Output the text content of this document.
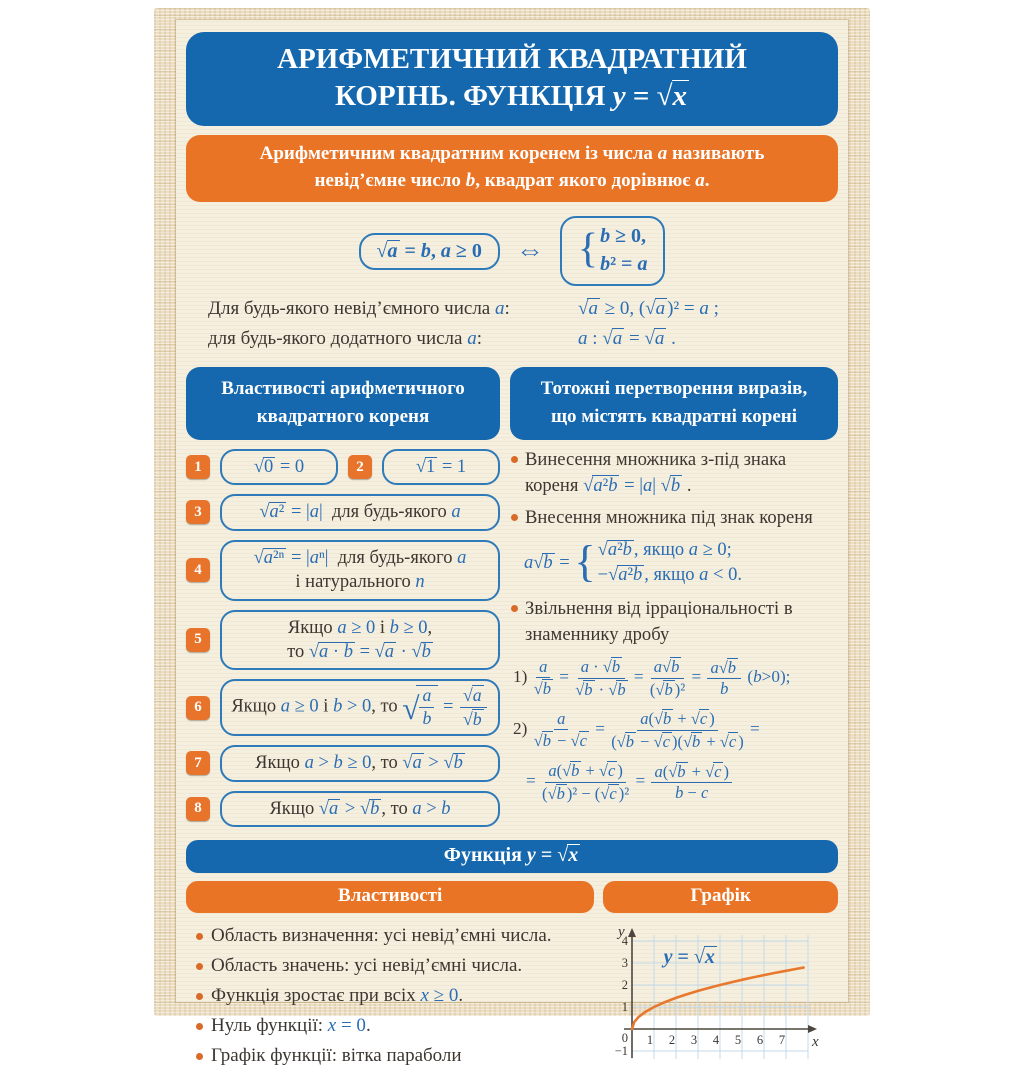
АРИФМЕТИЧНИЙ КВАДРАТНИЙ
КОРІНЬ. ФУНКЦІЯ y = √x
Арифметичним квадратним коренем із числа a називають
невід’ємне число b, квадрат якого дорівнює a.
√a = b, a ≥ 0	⇔ { b ≥ 0,
b² = a
Для будь-якого невід’ємного числа a:	√a ≥ 0, (√a )² = a ;
для будь-якого додатного числа a:	a : √a = √a .
Властивості арифметичного
квадратного кореня
1	√0 = 0	2	√1 = 1
3	√a² = |a|  для будь-якого a
4
√a²ⁿ = |aⁿ|  для будь-якого a
і натурального n
5
Якщо a ≥ 0 і b ≥ 0,
то √a · b = √a · √b
6	Якщо a ≥ 0 і b > 0, то √ $\frac{a}{b} = \frac{√a}{√b}$
7	Якщо a > b ≥ 0, то √a > √b
8	Якщо √a > √b , то a > b
Тотожні перетворення виразів,
що містять квадратні корені
Винесення множника з-під знака кореня √a²b = |a| √b .
Внесення множника під знак кореня
a√b = { √a²b , якщо a ≥ 0;
−√a²b , якщо a < 0.
Звільнення від ірраціональності в знаменнику дробу
$1) \frac{a}{√b} = \frac{a \cdot √b}{√b \cdot √b} = \frac{a√b}{\text{(√b )²}} = \frac{a√b}{b} (b>0)$;
$2) \frac{a}{√b - √c} = \frac{a(√b + √c )}{(√b - √c )(√b + √c )}$ =
= $\frac{a(√b + √c )}{\text{(√b )² − (√c )²}} = \frac{a(√b + √c )}{b - c}$
Функція y = √x
Властивості	Графік
Область визначення: усі невід’ємні числа.
Область значень: усі невід’ємні числа.
Функція зростає при всіх x ≥ 0.
Нуль функції: x = 0.
Графік функції: вітка параболи
1 2 3 4 5 6 7
−1
0
1
2
3
4
x
y
y = √x
